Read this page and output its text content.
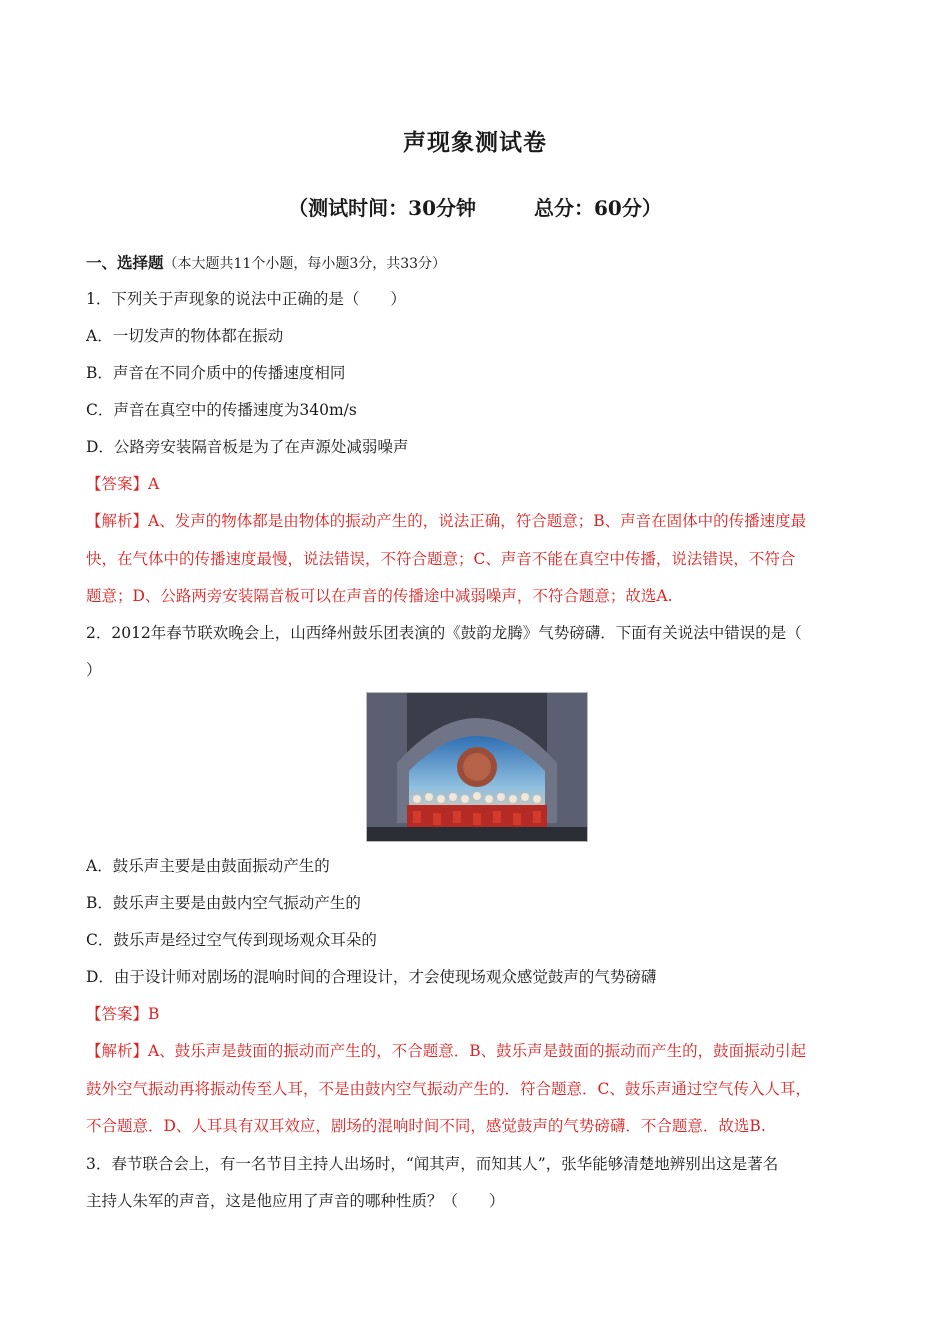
声现象测试卷
（测试时间：30分钟	总分：60分）
一、选择题（本大题共11个小题，每小题3分，共33分）
1．下列关于声现象的说法中正确的是（　　）
A．一切发声的物体都在振动
B．声音在不同介质中的传播速度相同
C．声音在真空中的传播速度为340m/s
D．公路旁安装隔音板是为了在声源处减弱噪声
【答案】A
【解析】A、发声的物体都是由物体的振动产生的，说法正确，符合题意；B、声音在固体中的传播速度最
快，在气体中的传播速度最慢，说法错误，不符合题意；C、声音不能在真空中传播，说法错误，不符合
题意；D、公路两旁安装隔音板可以在声音的传播途中减弱噪声，不符合题意；故选A.
2．2012年春节联欢晚会上，山西绛州鼓乐团表演的《鼓韵龙腾》气势磅礴．下面有关说法中错误的是（
）
A．鼓乐声主要是由鼓面振动产生的
B．鼓乐声主要是由鼓内空气振动产生的
C．鼓乐声是经过空气传到现场观众耳朵的
D．由于设计师对剧场的混响时间的合理设计，才会使现场观众感觉鼓声的气势磅礴
【答案】B
【解析】A、鼓乐声是鼓面的振动而产生的，不合题意．B、鼓乐声是鼓面的振动而产生的，鼓面振动引起
鼓外空气振动再将振动传至人耳，不是由鼓内空气振动产生的．符合题意．C、鼓乐声通过空气传入人耳，
不合题意．D、人耳具有双耳效应，剧场的混响时间不同，感觉鼓声的气势磅礴．不合题意．故选B.
3．春节联合会上，有一名节目主持人出场时，“闻其声，而知其人”，张华能够清楚地辨别出这是著名
主持人朱军的声音，这是他应用了声音的哪种性质？（　　）
